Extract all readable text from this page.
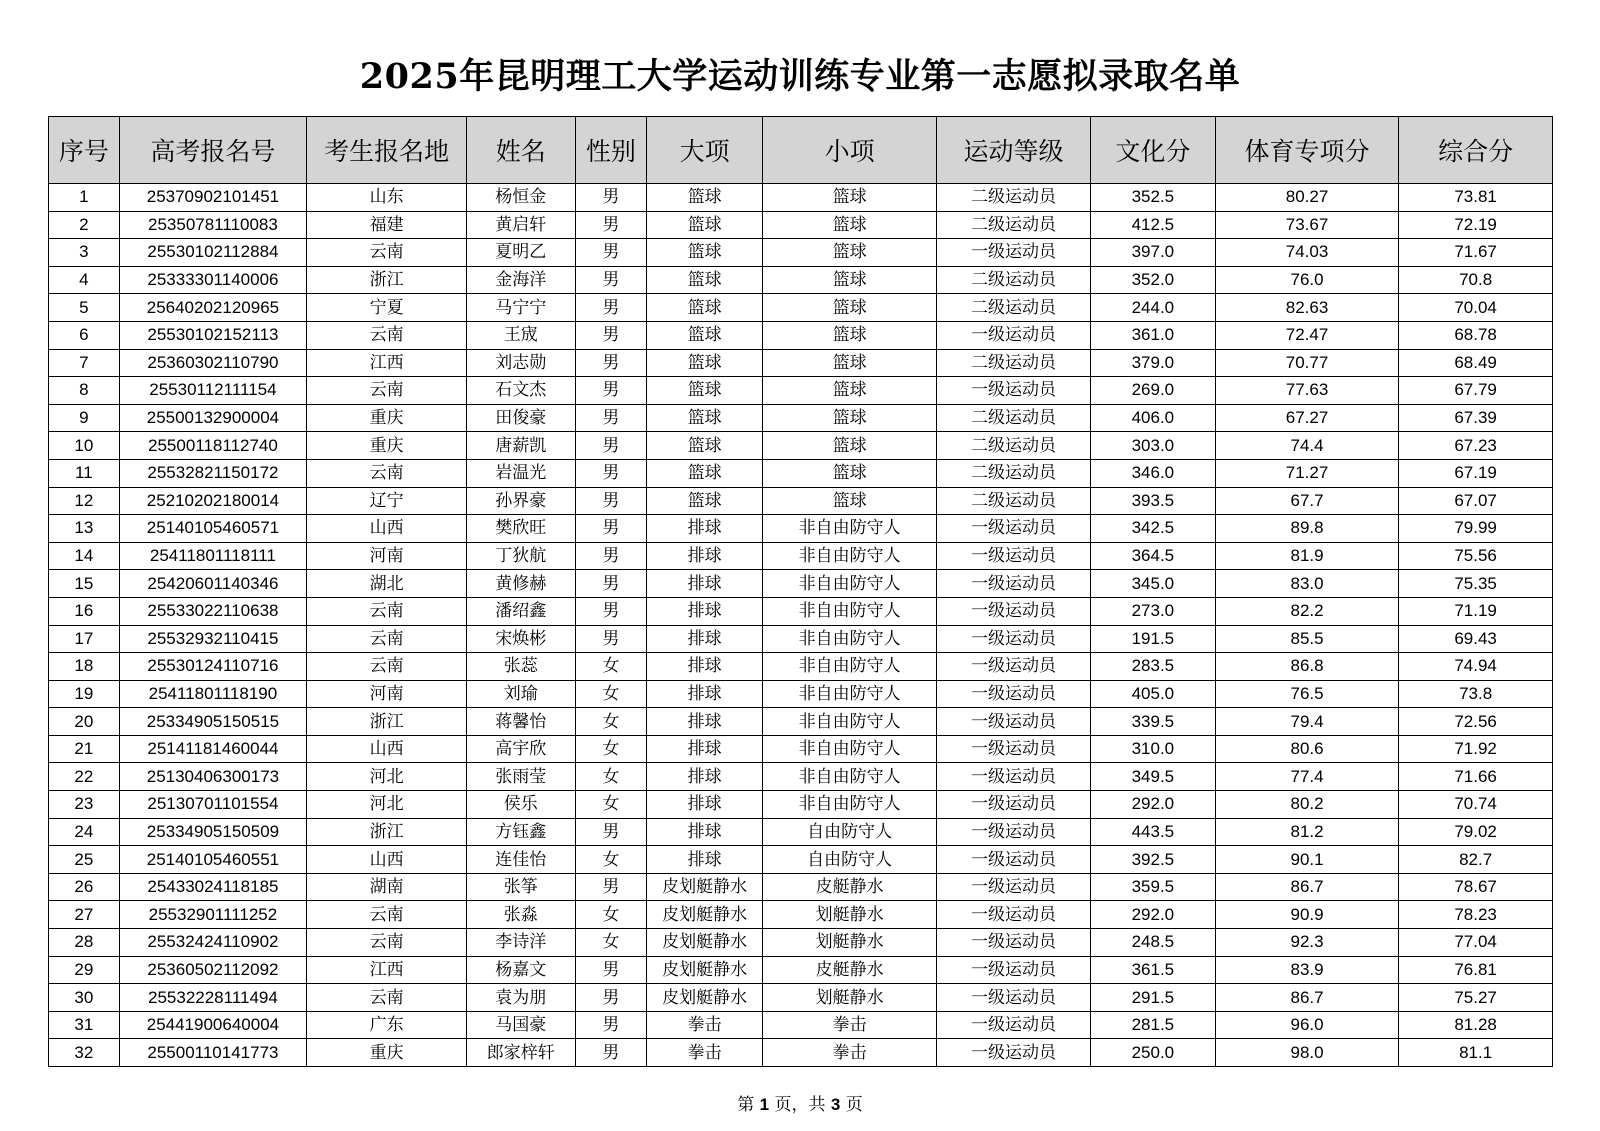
2025年昆明理工大学运动训练专业第一志愿拟录取名单
序号	高考报名号	考生报名地	姓名	性别	大项	小项	运动等级	文化分	体育专项分	综合分
1	25370902101451	山东	杨恒金	男	篮球	篮球	二级运动员	352.5	80.27	73.81
2	25350781110083	福建	黄启轩	男	篮球	篮球	二级运动员	412.5	73.67	72.19
3	25530102112884	云南	夏明乙	男	篮球	篮球	一级运动员	397.0	74.03	71.67
4	25333301140006	浙江	金海洋	男	篮球	篮球	二级运动员	352.0	76.0	70.8
5	25640202120965	宁夏	马宁宁	男	篮球	篮球	二级运动员	244.0	82.63	70.04
6	25530102152113	云南	王宬	男	篮球	篮球	一级运动员	361.0	72.47	68.78
7	25360302110790	江西	刘志勋	男	篮球	篮球	二级运动员	379.0	70.77	68.49
8	25530112111154	云南	石文杰	男	篮球	篮球	一级运动员	269.0	77.63	67.79
9	25500132900004	重庆	田俊豪	男	篮球	篮球	二级运动员	406.0	67.27	67.39
10	25500118112740	重庆	唐薪凯	男	篮球	篮球	二级运动员	303.0	74.4	67.23
11	25532821150172	云南	岩温光	男	篮球	篮球	二级运动员	346.0	71.27	67.19
12	25210202180014	辽宁	孙界豪	男	篮球	篮球	二级运动员	393.5	67.7	67.07
13	25140105460571	山西	樊欣旺	男	排球	非自由防守人	一级运动员	342.5	89.8	79.99
14	25411801118111	河南	丁狄航	男	排球	非自由防守人	一级运动员	364.5	81.9	75.56
15	25420601140346	湖北	黄修赫	男	排球	非自由防守人	一级运动员	345.0	83.0	75.35
16	25533022110638	云南	潘绍鑫	男	排球	非自由防守人	一级运动员	273.0	82.2	71.19
17	25532932110415	云南	宋焕彬	男	排球	非自由防守人	一级运动员	191.5	85.5	69.43
18	25530124110716	云南	张蕊	女	排球	非自由防守人	一级运动员	283.5	86.8	74.94
19	25411801118190	河南	刘瑜	女	排球	非自由防守人	一级运动员	405.0	76.5	73.8
20	25334905150515	浙江	蒋馨怡	女	排球	非自由防守人	一级运动员	339.5	79.4	72.56
21	25141181460044	山西	高宇欣	女	排球	非自由防守人	一级运动员	310.0	80.6	71.92
22	25130406300173	河北	张雨莹	女	排球	非自由防守人	一级运动员	349.5	77.4	71.66
23	25130701101554	河北	侯乐	女	排球	非自由防守人	一级运动员	292.0	80.2	70.74
24	25334905150509	浙江	方钰鑫	男	排球	自由防守人	一级运动员	443.5	81.2	79.02
25	25140105460551	山西	连佳怡	女	排球	自由防守人	一级运动员	392.5	90.1	82.7
26	25433024118185	湖南	张筝	男	皮划艇静水	皮艇静水	一级运动员	359.5	86.7	78.67
27	25532901111252	云南	张淼	女	皮划艇静水	划艇静水	一级运动员	292.0	90.9	78.23
28	25532424110902	云南	李诗洋	女	皮划艇静水	划艇静水	一级运动员	248.5	92.3	77.04
29	25360502112092	江西	杨嘉文	男	皮划艇静水	皮艇静水	一级运动员	361.5	83.9	76.81
30	25532228111494	云南	袁为朋	男	皮划艇静水	划艇静水	一级运动员	291.5	86.7	75.27
31	25441900640004	广东	马国豪	男	拳击	拳击	一级运动员	281.5	96.0	81.28
32	25500110141773	重庆	郎家梓轩	男	拳击	拳击	一级运动员	250.0	98.0	81.1
第 1 页，共 3 页
